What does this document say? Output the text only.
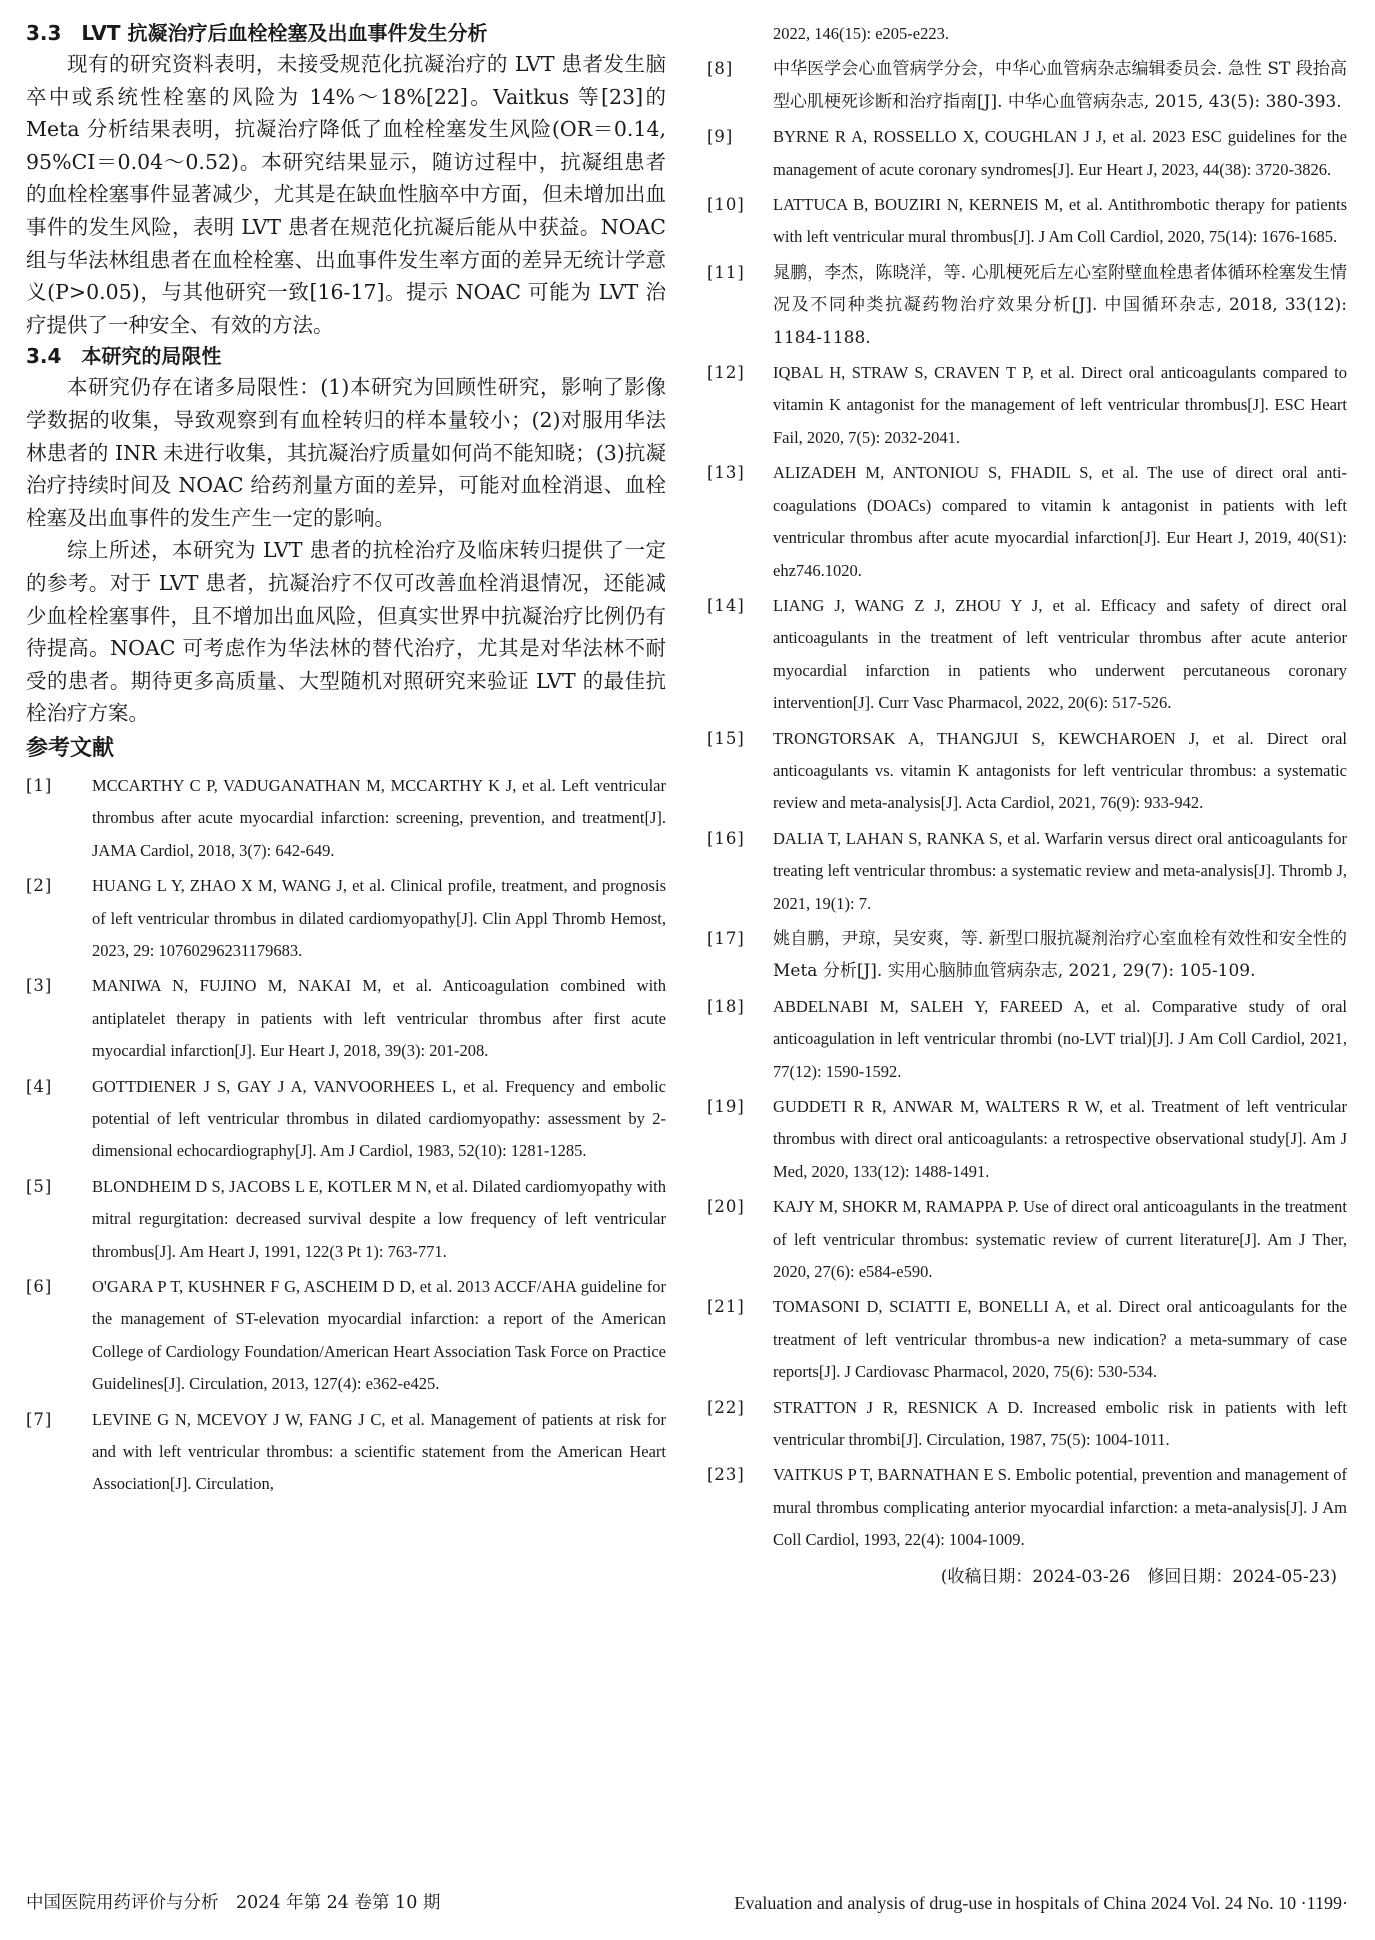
3.3　LVT 抗凝治疗后血栓栓塞及出血事件发生分析

现有的研究资料表明，未接受规范化抗凝治疗的 LVT 患者发生脑卒中或系统性栓塞的风险为 14%～18%[22]。Vaitkus 等[23]的 Meta 分析结果表明，抗凝治疗降低了血栓栓塞发生风险(OR＝0.14, 95%CI＝0.04～0.52)。本研究结果显示，随访过程中，抗凝组患者的血栓栓塞事件显著减少，尤其是在缺血性脑卒中方面，但未增加出血事件的发生风险，表明 LVT 患者在规范化抗凝后能从中获益。NOAC 组与华法林组患者在血栓栓塞、出血事件发生率方面的差异无统计学意义(P>0.05)，与其他研究一致[16-17]。提示 NOAC 可能为 LVT 治疗提供了一种安全、有效的方法。

3.4　本研究的局限性

本研究仍存在诸多局限性：(1)本研究为回顾性研究，影响了影像学数据的收集，导致观察到有血栓转归的样本量较小；(2)对服用华法林患者的 INR 未进行收集，其抗凝治疗质量如何尚不能知晓；(3)抗凝治疗持续时间及 NOAC 给药剂量方面的差异，可能对血栓消退、血栓栓塞及出血事件的发生产生一定的影响。

综上所述，本研究为 LVT 患者的抗栓治疗及临床转归提供了一定的参考。对于 LVT 患者，抗凝治疗不仅可改善血栓消退情况，还能减少血栓栓塞事件，且不增加出血风险，但真实世界中抗凝治疗比例仍有待提高。NOAC 可考虑作为华法林的替代治疗，尤其是对华法林不耐受的患者。期待更多高质量、大型随机对照研究来验证 LVT 的最佳抗栓治疗方案。

参考文献
[1]	MCCARTHY C P, VADUGANATHAN M, MCCARTHY K J, et al. Left ventricular thrombus after acute myocardial infarction: screening, prevention, and treatment[J]. JAMA Cardiol, 2018, 3(7): 642-649.
[2]	HUANG L Y, ZHAO X M, WANG J, et al. Clinical profile, treatment, and prognosis of left ventricular thrombus in dilated cardiomyopathy[J]. Clin Appl Thromb Hemost, 2023, 29: 10760296231179683.
[3]	MANIWA N, FUJINO M, NAKAI M, et al. Anticoagulation combined with antiplatelet therapy in patients with left ventricular thrombus after first acute myocardial infarction[J]. Eur Heart J, 2018, 39(3): 201-208.
[4]	GOTTDIENER J S, GAY J A, VANVOORHEES L, et al. Frequency and embolic potential of left ventricular thrombus in dilated cardiomyopathy: assessment by 2-dimensional echocardiography[J]. Am J Cardiol, 1983, 52(10): 1281-1285.
[5]	BLONDHEIM D S, JACOBS L E, KOTLER M N, et al. Dilated cardiomyopathy with mitral regurgitation: decreased survival despite a low frequency of left ventricular thrombus[J]. Am Heart J, 1991, 122(3 Pt 1): 763-771.
[6]	O'GARA P T, KUSHNER F G, ASCHEIM D D, et al. 2013 ACCF/AHA guideline for the management of ST-elevation myocardial infarction: a report of the American College of Cardiology Foundation/American Heart Association Task Force on Practice Guidelines[J]. Circulation, 2013, 127(4): e362-e425.
[7]	LEVINE G N, MCEVOY J W, FANG J C, et al. Management of patients at risk for and with left ventricular thrombus: a scientific statement from the American Heart Association[J]. Circulation,
2022, 146(15): e205-e223.
[8]	中华医学会心血管病学分会，中华心血管病杂志编辑委员会. 急性 ST 段抬高型心肌梗死诊断和治疗指南[J]. 中华心血管病杂志, 2015, 43(5): 380-393.
[9]	BYRNE R A, ROSSELLO X, COUGHLAN J J, et al. 2023 ESC guidelines for the management of acute coronary syndromes[J]. Eur Heart J, 2023, 44(38): 3720-3826.
[10]	LATTUCA B, BOUZIRI N, KERNEIS M, et al. Antithrombotic therapy for patients with left ventricular mural thrombus[J]. J Am Coll Cardiol, 2020, 75(14): 1676-1685.
[11]	晁鹏，李杰，陈晓洋，等. 心肌梗死后左心室附壁血栓患者体循环栓塞发生情况及不同种类抗凝药物治疗效果分析[J]. 中国循环杂志, 2018, 33(12): 1184-1188.
[12]	IQBAL H, STRAW S, CRAVEN T P, et al. Direct oral anticoagulants compared to vitamin K antagonist for the management of left ventricular thrombus[J]. ESC Heart Fail, 2020, 7(5): 2032-2041.
[13]	ALIZADEH M, ANTONIOU S, FHADIL S, et al. The use of direct oral anti-coagulations (DOACs) compared to vitamin k antagonist in patients with left ventricular thrombus after acute myocardial infarction[J]. Eur Heart J, 2019, 40(S1): ehz746.1020.
[14]	LIANG J, WANG Z J, ZHOU Y J, et al. Efficacy and safety of direct oral anticoagulants in the treatment of left ventricular thrombus after acute anterior myocardial infarction in patients who underwent percutaneous coronary intervention[J]. Curr Vasc Pharmacol, 2022, 20(6): 517-526.
[15]	TRONGTORSAK A, THANGJUI S, KEWCHAROEN J, et al. Direct oral anticoagulants vs. vitamin K antagonists for left ventricular thrombus: a systematic review and meta-analysis[J]. Acta Cardiol, 2021, 76(9): 933-942.
[16]	DALIA T, LAHAN S, RANKA S, et al. Warfarin versus direct oral anticoagulants for treating left ventricular thrombus: a systematic review and meta-analysis[J]. Thromb J, 2021, 19(1): 7.
[17]	姚自鹏，尹琼，吴安爽，等. 新型口服抗凝剂治疗心室血栓有效性和安全性的 Meta 分析[J]. 实用心脑肺血管病杂志, 2021, 29(7): 105-109.
[18]	ABDELNABI M, SALEH Y, FAREED A, et al. Comparative study of oral anticoagulation in left ventricular thrombi (no-LVT trial)[J]. J Am Coll Cardiol, 2021, 77(12): 1590-1592.
[19]	GUDDETI R R, ANWAR M, WALTERS R W, et al. Treatment of left ventricular thrombus with direct oral anticoagulants: a retrospective observational study[J]. Am J Med, 2020, 133(12): 1488-1491.
[20]	KAJY M, SHOKR M, RAMAPPA P. Use of direct oral anticoagulants in the treatment of left ventricular thrombus: systematic review of current literature[J]. Am J Ther, 2020, 27(6): e584-e590.
[21]	TOMASONI D, SCIATTI E, BONELLI A, et al. Direct oral anticoagulants for the treatment of left ventricular thrombus-a new indication? a meta-summary of case reports[J]. J Cardiovasc Pharmacol, 2020, 75(6): 530-534.
[22]	STRATTON J R, RESNICK A D. Increased embolic risk in patients with left ventricular thrombi[J]. Circulation, 1987, 75(5): 1004-1011.
[23]	VAITKUS P T, BARNATHAN E S. Embolic potential, prevention and management of mural thrombus complicating anterior myocardial infarction: a meta-analysis[J]. J Am Coll Cardiol, 1993, 22(4): 1004-1009.
(收稿日期：2024-03-26　修回日期：2024-05-23)
中国医院用药评价与分析　2024 年第 24 卷第 10 期	Evaluation and analysis of drug-use in hospitals of China 2024 Vol. 24 No. 10 ·1199·
